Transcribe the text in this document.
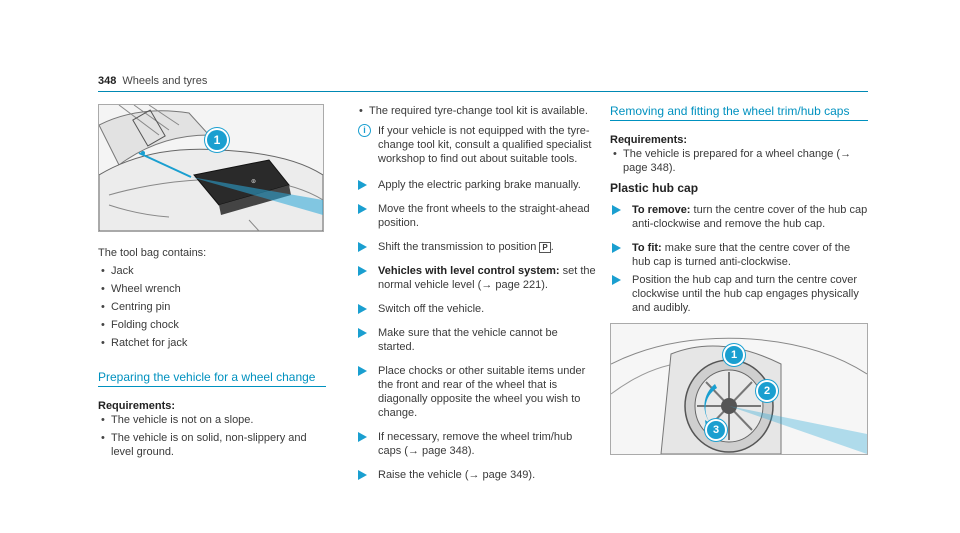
348 Wheels and tyres
⊛
1

The tool bag contains:

• Jack
• Wheel wrench
• Centring pin
• Folding chock
• Ratchet for jack
Preparing the vehicle for a wheel change
Requirements:
• The vehicle is not on a slope.
• The vehicle is on solid, non-slippery and level ground.
• The required tyre-change tool kit is available.
i	If your vehicle is not equipped with the tyre-change tool kit, consult a qualified specialist workshop to find out about suitable tools.
Apply the electric parking brake manually.
Move the front wheels to the straight-ahead position.
Shift the transmission to position P .
Vehicles with level control system: set the normal vehicle level (→ page 221).
Switch off the vehicle.
Make sure that the vehicle cannot be started.
Place chocks or other suitable items under the front and rear of the wheel that is diagonally opposite the wheel you wish to change.
If necessary, remove the wheel trim/hub caps (→ page 348).
Raise the vehicle (→ page 349).
Removing and fitting the wheel trim/hub caps
Requirements:
• The vehicle is prepared for a wheel change (→ page 348).
Plastic hub cap
To remove: turn the centre cover of the hub cap anti-clockwise and remove the hub cap.
To fit: make sure that the centre cover of the hub cap is turned anti-clockwise.
Position the hub cap and turn the centre cover clockwise until the hub cap engages physically and audibly.
1
2
3
